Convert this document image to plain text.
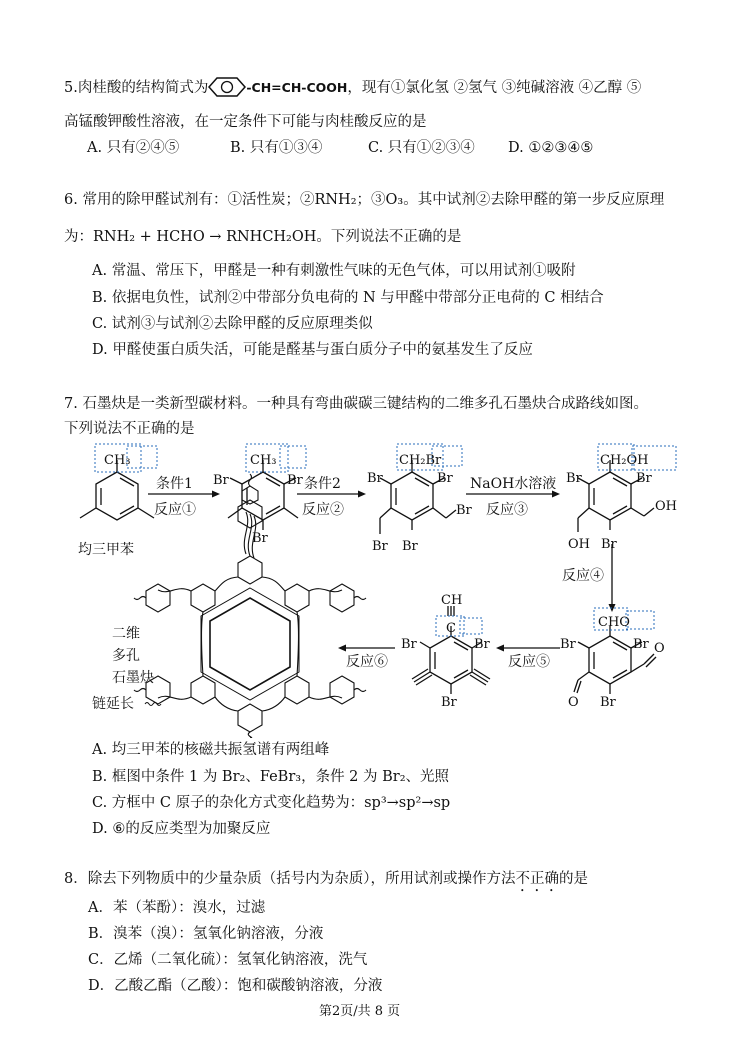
5.肉桂酸的结构简式为	-CH=CH-COOH，现有①氯化氢 ②氢气 ③纯碱溶液 ④乙醇 ⑤
高锰酸钾酸性溶液，在一定条件下可能与肉桂酸反应的是
A. 只有②④⑤	B. 只有①③④	C. 只有①②③④ D. ①②③④⑤
6. 常用的除甲醛试剂有：①活性炭；②RNH₂；③O₃。其中试剂②去除甲醛的第一步反应原理
为：RNH₂ + HCHO → RNHCH₂OH。下列说法不正确的是
A. 常温、常压下，甲醛是一种有刺激性气味的无色气体，可以用试剂①吸附
B. 依据电负性，试剂②中带部分负电荷的 N 与甲醛中带部分正电荷的 C 相结合
C. 试剂③与试剂②去除甲醛的反应原理类似
D. 甲醛使蛋白质失活，可能是醛基与蛋白质分子中的氨基发生了反应
7. 石墨炔是一类新型碳材料。一种具有弯曲碳碳三键结构的二维多孔石墨炔合成路线如图。
下列说法不正确的是
CH₃	CH₃
Br	Br
Br
CH₂Br
Br	Br
Br Br
Br
CH₂OH
Br	Br
OH Br
OH
CHO
Br	Br
O Br
O
CH
C
Br	Br
Br
条件1
反应①
条件2
反应②
NaOH水溶液
反应③
反应④
反应⑤
反应⑥
均三甲苯
二维
多孔
石墨炔
链延长
A. 均三甲苯的核磁共振氢谱有两组峰
B. 框图中条件 1 为 Br₂、FeBr₃，条件 2 为 Br₂、光照
C. 方框中 C 原子的杂化方式变化趋势为：sp³→sp²→sp
D. ⑥的反应类型为加聚反应
8．除去下列物质中的少量杂质（括号内为杂质），所用试剂或操作方法不正确的是
A．苯（苯酚）：溴水，过滤
B．溴苯（溴）：氢氧化钠溶液，分液
C．乙烯（二氧化硫）：氢氧化钠溶液，洗气
D．乙酸乙酯（乙酸）：饱和碳酸钠溶液，分液
第2页/共 8 页
